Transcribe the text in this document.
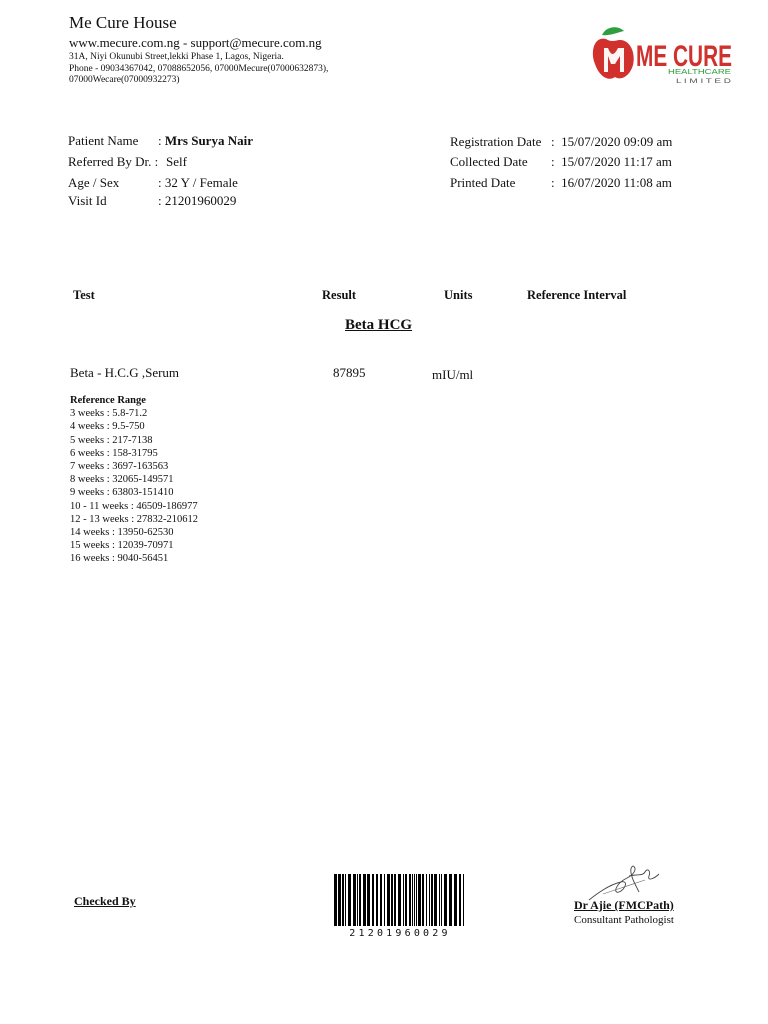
Me Cure House
www.mecure.com.ng - support@mecure.com.ng
31A, Niyi Okunubi Street,lekki Phase 1, Lagos, Nigeria.
Phone - 09034367042, 07088652056, 07000Mecure(07000632873),
07000Wecare(07000932273)
ME CURE
HEALTHCARE
L I M I T E D
Patient Name : Mrs Surya Nair
Referred By Dr. : Self
Age / Sex	: 32 Y / Female
Visit Id	: 21201960029
Registration Date :  15/07/2020 09:09 am
Collected Date :  15/07/2020 11:17 am
Printed Date	:  16/07/2020 11:08 am
Test	Result	Units	Reference Interval
Beta HCG
Beta - H.C.G ,Serum	87895	mIU/ml
Reference Range
3 weeks : 5.8-71.2
4 weeks : 9.5-750
5 weeks : 217-7138
6 weeks : 158-31795
7 weeks : 3697-163563
8 weeks : 32065-149571
9 weeks : 63803-151410
10 - 11 weeks : 46509-186977
12 - 13 weeks : 27832-210612
14 weeks : 13950-62530
15 weeks : 12039-70971
16 weeks : 9040-56451
Checked By
21201960029
Dr Ajie (FMCPath)
Consultant Pathologist
